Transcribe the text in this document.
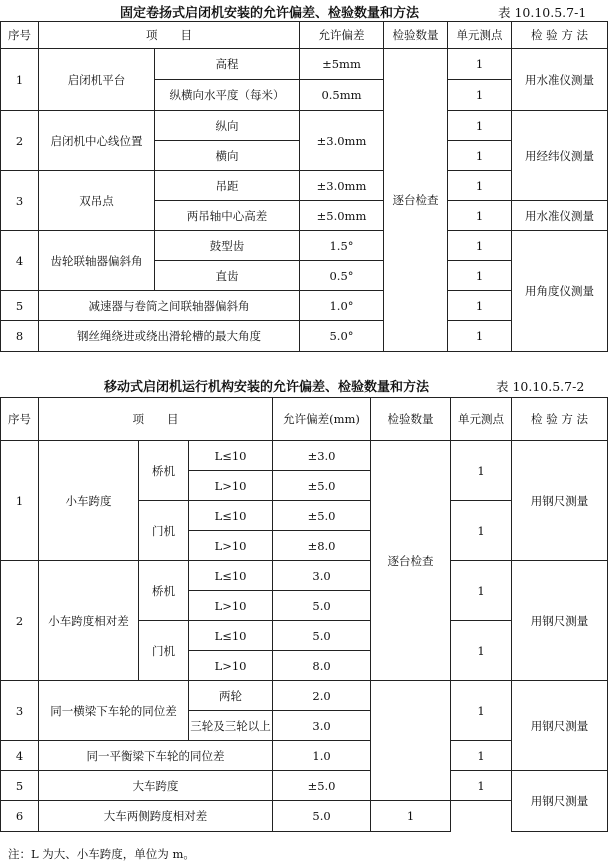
固定卷扬式启闭机安装的允许偏差、检验数量和方法	表 10.10.5.7-1
序号	项　　目		允许偏差	检验数量	单元测点	检 验 方 法
1	启闭机平台	高程	±5mm	逐台检查	1	用水准仪测量
		纵横向水平度（每米）	0.5mm		1	
2	启闭机中心线位置	纵向	±3.0mm		1	用经纬仪测量
		横向			1	
3	双吊点	吊距	±3.0mm		1	
		两吊轴中心高差	±5.0mm		1	用水准仪测量
4	齿轮联轴器偏斜角	鼓型齿	1.5°		1	用角度仪测量
		直齿	0.5°		1	
5	减速器与卷筒之间联轴器偏斜角		1.0°		1	
8	钢丝绳绕进或绕出滑轮槽的最大角度		5.0°		1	
移动式启闭机运行机构安装的允许偏差、检验数量和方法	表 10.10.5.7-2
序号	项　　目			允许偏差(mm)	检验数量	单元测点	检 验 方 法
1	小车跨度	桥机	L≤10	±3.0	逐台检查	1	用钢尺测量
			L>10	±5.0			
		门机	L≤10	±5.0		1	
			L>10	±8.0			
2	小车跨度相对差	桥机	L≤10	3.0		1	用钢尺测量
			L>10	5.0			
		门机	L≤10	5.0		1	
			L>10	8.0			
3	同一横梁下车轮的同位差		两轮	2.0		1	用钢尺测量
			三轮及三轮以上	3.0			
4	同一平衡梁下车轮的同位差			1.0		1	
5	大车跨度			±5.0		1	用钢尺测量
6	大车两侧跨度相对差			5.0	1		
注：L 为大、小车跨度，单位为 m。
